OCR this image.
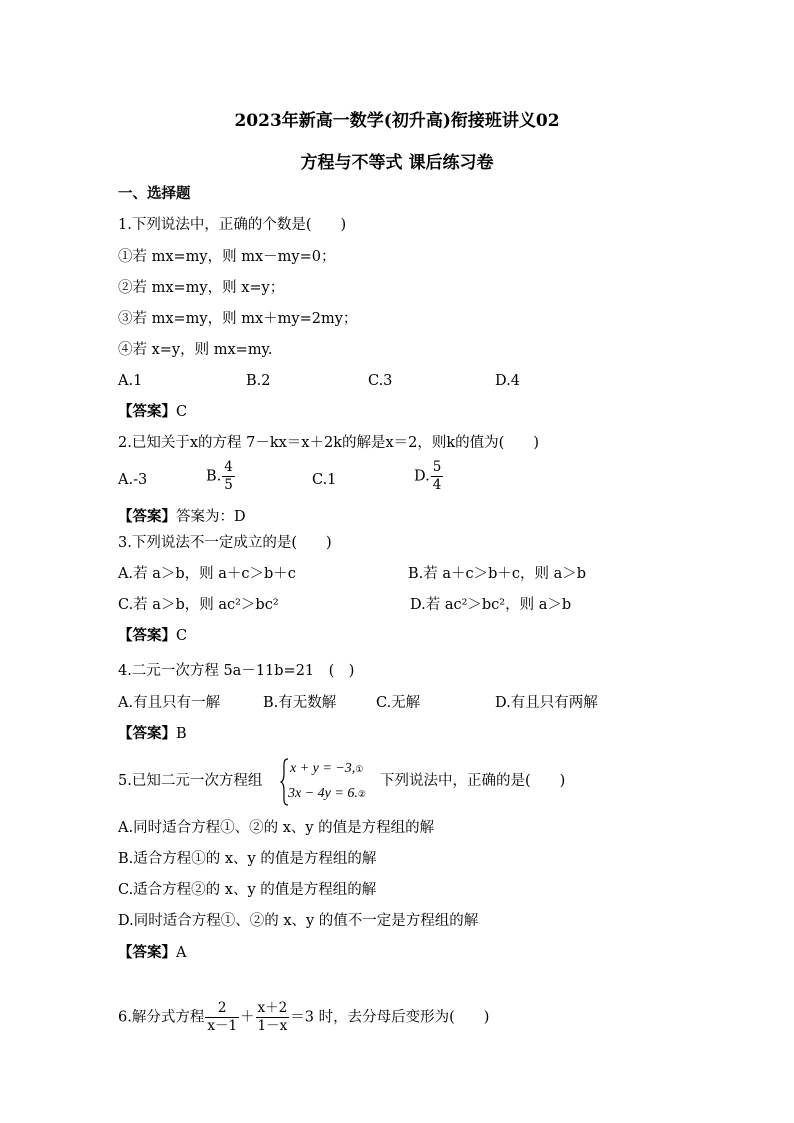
2023年新高一数学(初升高)衔接班讲义02
方程与不等式 课后练习卷
一、选择题
1.下列说法中，正确的个数是(　　)
①若 mx=my，则 mx－my=0；
②若 mx=my，则 x=y；
③若 mx=my，则 mx＋my=2my；
④若 x=y，则 mx=my.
A.1	B.2	C.3	D.4
【答案】C
2.已知关于x的方程 7－kx＝x＋2k的解是x＝2，则k的值为(　　)
A.-3	B. $\frac{4}{5}$	C.1	D. $\frac{5}{4}$
【答案】答案为：D
3.下列说法不一定成立的是(　　)
A.若 a＞b，则 a＋c＞b＋c	B.若 a＋c＞b＋c，则 a＞b
C.若 a＞b，则 ac²＞bc²	D.若 ac²＞bc²，则 a＞b
【答案】C
4.二元一次方程 5a－11b=21　(　)
A.有且只有一解	B.有无数解	C.无解	D.有且只有两解
【答案】B
5.已知二元一次方程组
x + y = −3,①
3x − 4y = 6.②
下列说法中，正确的是(　　)
A.同时适合方程①、②的 x、y 的值是方程组的解
B.适合方程①的 x、y 的值是方程组的解
C.适合方程②的 x、y 的值是方程组的解
D.同时适合方程①、②的 x、y 的值不一定是方程组的解
【答案】A
6.解分式方程 $\frac{2}{x-1} + \frac{x+2}{1-x} =3$ 时，去分母后变形为(　　)
